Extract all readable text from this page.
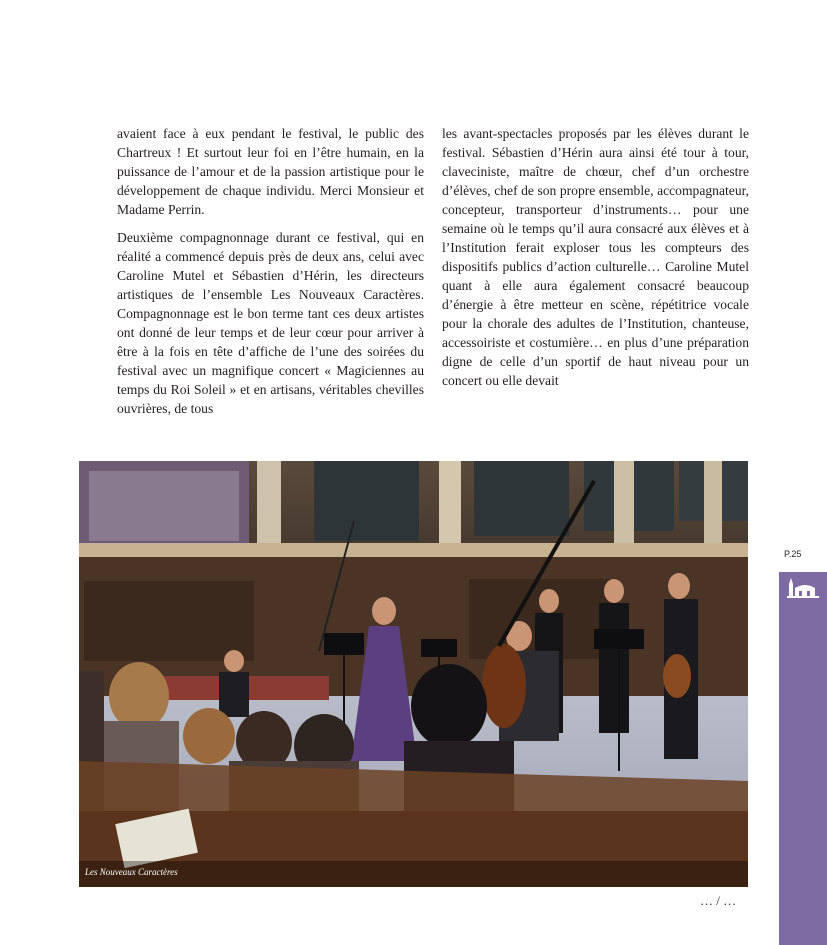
avaient face à eux pendant le festival, le public des Chartreux ! Et surtout leur foi en l’être humain, en la puissance de l’amour et de la passion artistique pour le développement de chaque individu. Merci Monsieur et Madame Perrin.

Deuxième compagnonnage durant ce festival, qui en réalité a commencé depuis près de deux ans, celui avec Caroline Mutel et Sébastien d’Hérin, les directeurs artistiques de l’ensemble Les Nouveaux Caractères. Compagnonnage est le bon terme tant ces deux artistes ont donné de leur temps et de leur cœur pour arriver à être à la fois en tête d’affiche de l’une des soirées du festival avec un magnifique concert « Magiciennes au temps du Roi Soleil » et en artisans, véritables chevilles ouvrières, de tous

les avant-spectacles proposés par les élèves durant le festival. Sébastien d’Hérin aura ainsi été tour à tour, claveciniste, maître de chœur, chef d’un orchestre d’élèves, chef de son propre ensemble, accompagnateur, concepteur, transporteur d’instruments… pour une semaine où le temps qu’il aura consacré aux élèves et à l’Institution ferait exploser tous les compteurs des dispositifs publics d’action culturelle… Caroline Mutel quant à elle aura également consacré beaucoup d’énergie à être metteur en scène, répétitrice vocale pour la chorale des adultes de l’Institution, chanteuse, accessoiriste et costumière… en plus d’une préparation digne de celle d’un sportif de haut niveau pour un concert ou elle devait

Les Nouveaux Caractères
… / …
P.25
